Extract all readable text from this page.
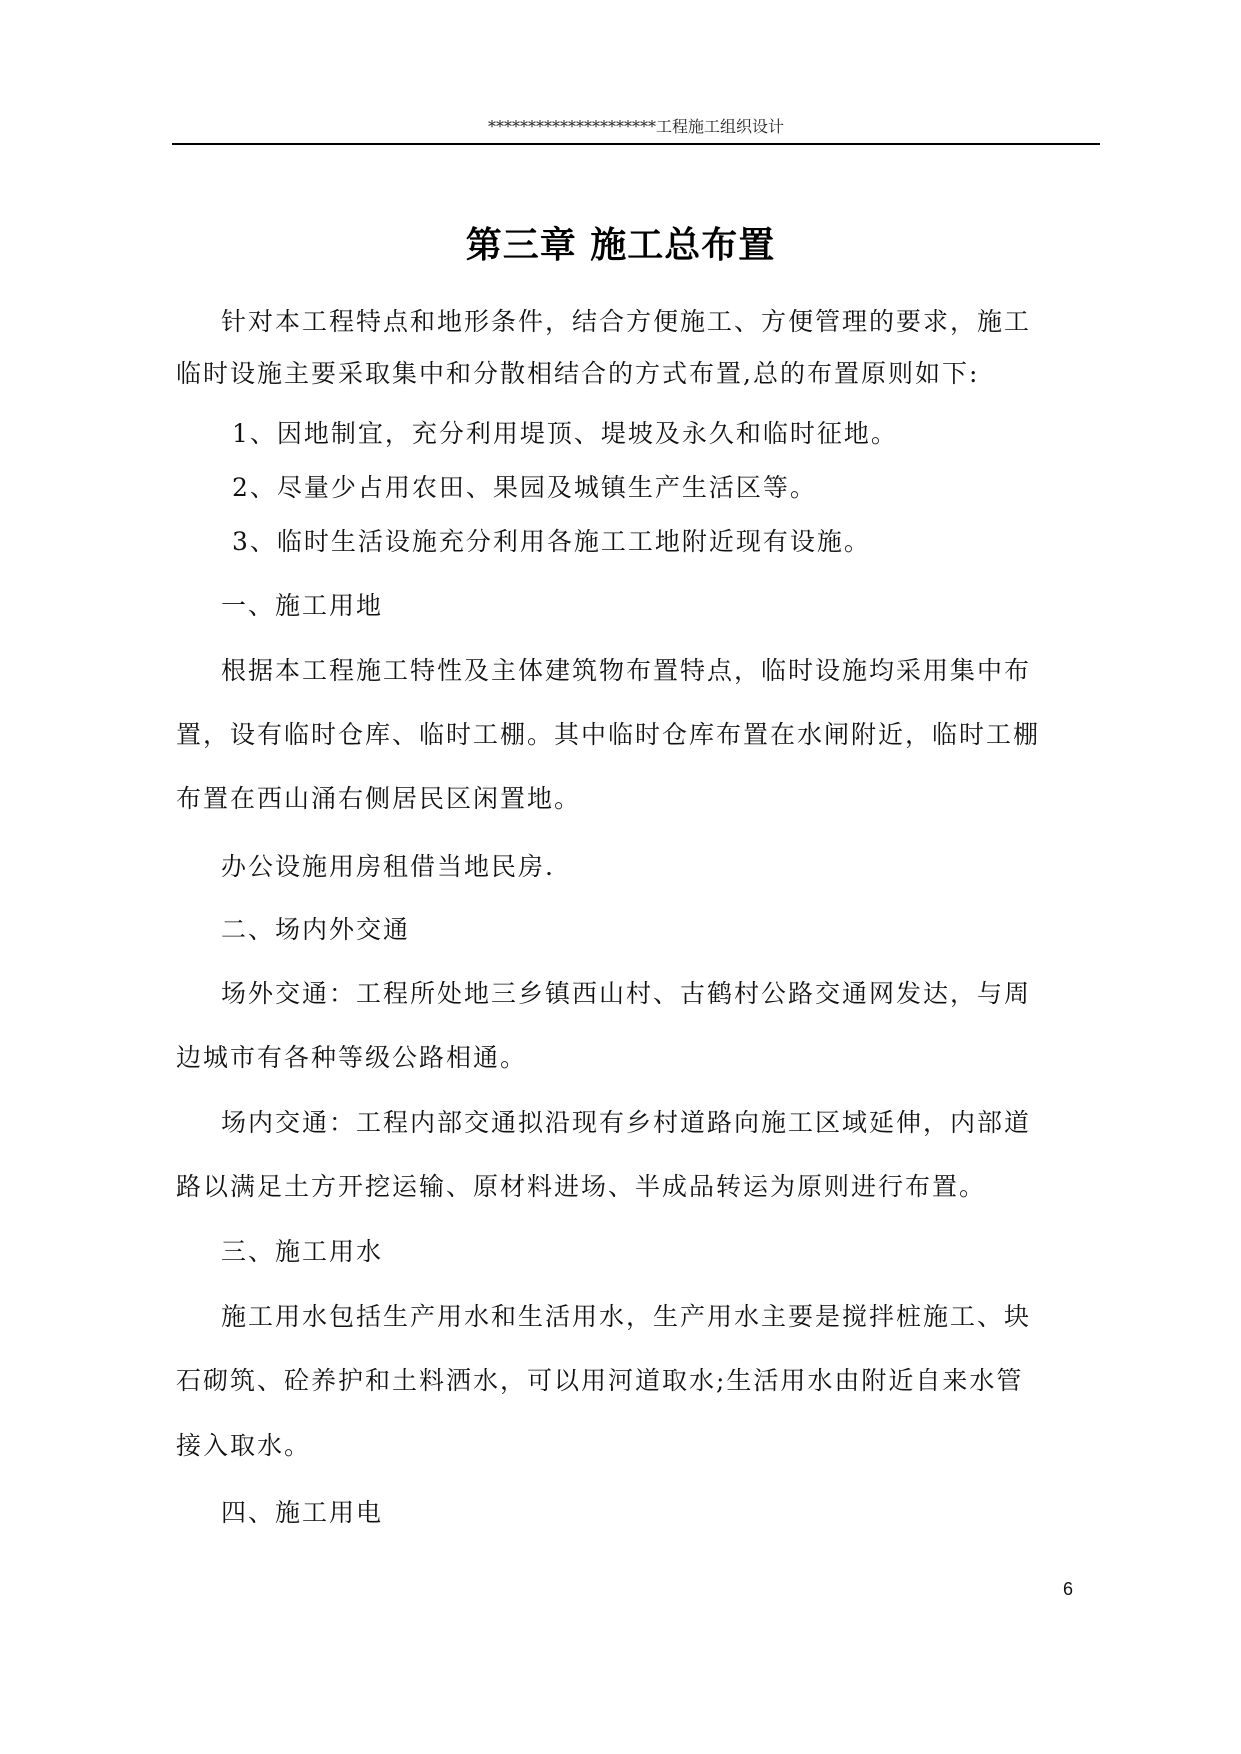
*********************工程施工组织设计
第三章 施工总布置
针对本工程特点和地形条件，结合方便施工、方便管理的要求，施工
临时设施主要采取集中和分散相结合的方式布置,总的布置原则如下:
1、因地制宜，充分利用堤顶、堤坡及永久和临时征地。
2、尽量少占用农田、果园及城镇生产生活区等。
3、临时生活设施充分利用各施工工地附近现有设施。
一、施工用地
根据本工程施工特性及主体建筑物布置特点，临时设施均采用集中布
置，设有临时仓库、临时工棚。其中临时仓库布置在水闸附近，临时工棚
布置在西山涌右侧居民区闲置地。
办公设施用房租借当地民房.
二、场内外交通
场外交通：工程所处地三乡镇西山村、古鹤村公路交通网发达，与周
边城市有各种等级公路相通。
场内交通：工程内部交通拟沿现有乡村道路向施工区域延伸，内部道
路以满足土方开挖运输、原材料进场、半成品转运为原则进行布置。
三、施工用水
施工用水包括生产用水和生活用水，生产用水主要是搅拌桩施工、块
石砌筑、砼养护和土料洒水，可以用河道取水;生活用水由附近自来水管
接入取水。
四、施工用电
6
